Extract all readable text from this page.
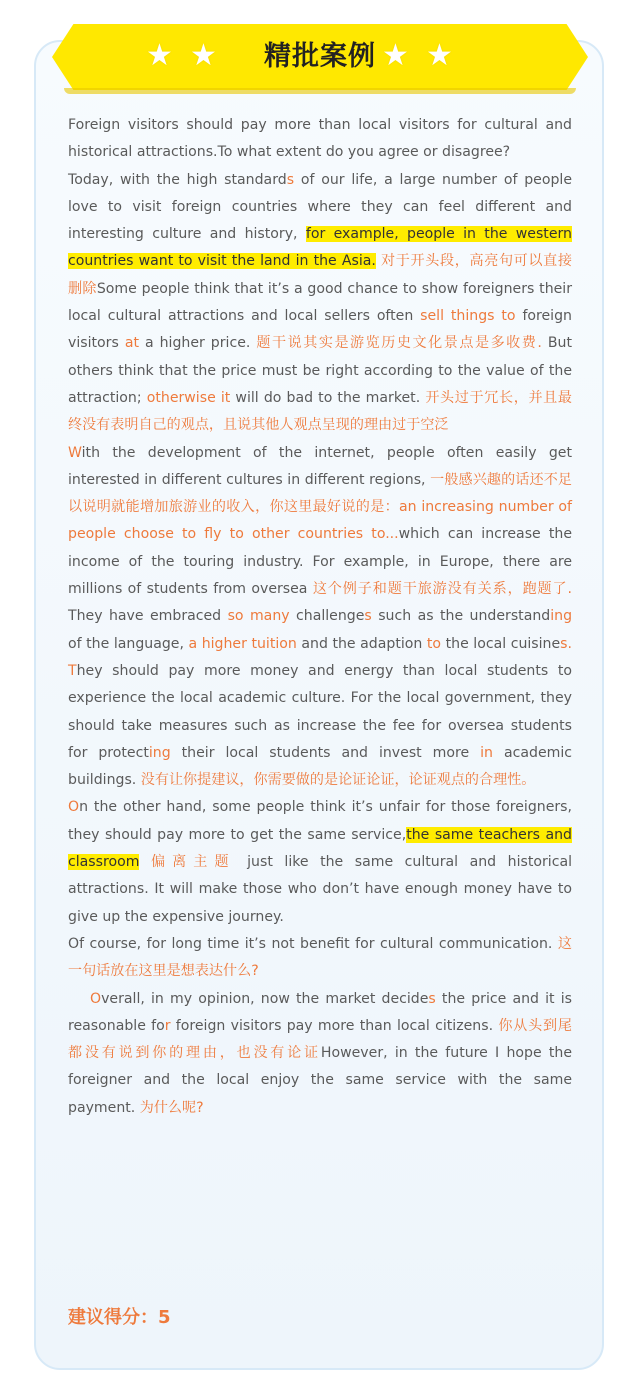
★ ★	★ ★
精批案例

Foreign visitors should pay more than local visitors for cultural and historical attractions.To what extent do you agree or disagree?

Today, with the high standards of our life, a large number of people love to visit foreign countries where they can feel different and interesting culture and history, for example, people in the western countries want to visit the land in the Asia. 对于开头段，高亮句可以直接删除Some people think that it’s a good chance to show foreigners their local cultural attractions and local sellers often sell things to foreign visitors at a higher price. 题干说其实是游览历史文化景点是多收费. But others think that the price must be right according to the value of the attraction; otherwise it will do bad to the market. 开头过于冗长，并且最终没有表明自己的观点，且说其他人观点呈现的理由过于空泛

With the development of the internet, people often easily get interested in different cultures in different regions, 一般感兴趣的话还不足以说明就能增加旅游业的收入，你这里最好说的是：an increasing number of people choose to fly to other countries to...which can increase the income of the touring industry. For example, in Europe, there are millions of students from oversea 这个例子和题干旅游没有关系，跑题了. They have embraced so many challenges such as the understanding of the language, a higher tuition and the adaption to the local cuisines. They should pay more money and energy than local students to experience the local academic culture. For the local government, they should take measures such as increase the fee for oversea students for protecting their local students and invest more in academic buildings. 没有让你提建议，你需要做的是论证论证，论证观点的合理性。

On the other hand, some people think it’s unfair for those foreigners, they should pay more to get the same service,the same teachers and classroom 偏离主题 just like the same cultural and historical attractions. It will make those who don’t have enough money have to give up the expensive journey.

Of course, for long time it’s not benefit for cultural communication. 这一句话放在这里是想表达什么?

Overall, in my opinion, now the market decides the price and it is reasonable for foreign visitors pay more than local citizens. 你从头到尾都没有说到你的理由，也没有论证However, in the future I hope the foreigner and the local enjoy the same service with the same payment. 为什么呢?

建议得分：5
